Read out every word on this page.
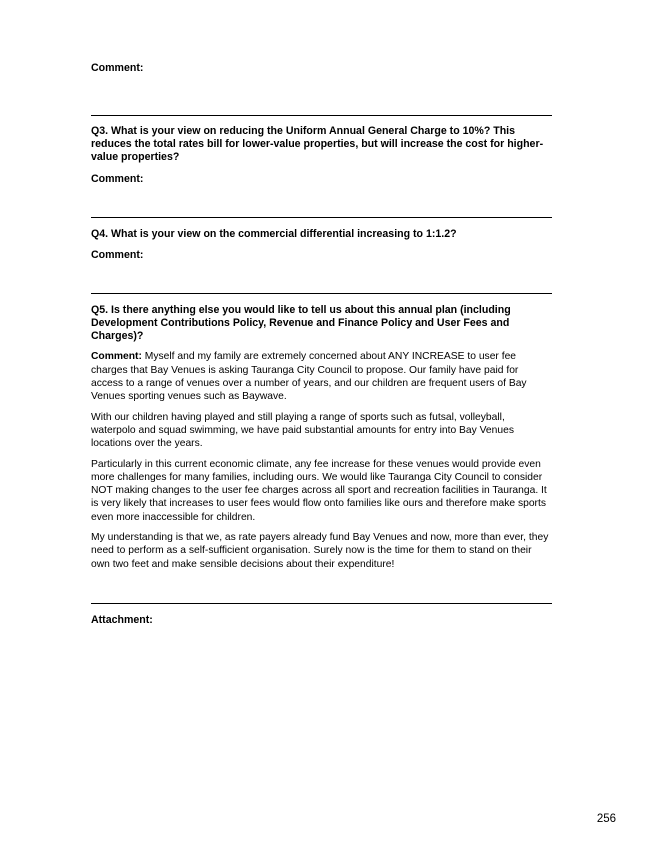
Comment:

Q3. What is your view on reducing the Uniform Annual General Charge to 10%? This reduces the total rates bill for lower-value properties, but will increase the cost for higher-value properties?

Comment:

Q4. What is your view on the commercial differential increasing to 1:1.2?

Comment:

Q5. Is there anything else you would like to tell us about this annual plan (including Development Contributions Policy, Revenue and Finance Policy and User Fees and Charges)?

Comment: Myself and my family are extremely concerned about ANY INCREASE to user fee charges that Bay Venues is asking Tauranga City Council to propose. Our family have paid for access to a range of venues over a number of years, and our children are frequent users of Bay Venues sporting venues such as Baywave.

With our children having played and still playing a range of sports such as futsal, volleyball, waterpolo and squad swimming, we have paid substantial amounts for entry into Bay Venues locations over the years.

Particularly in this current economic climate, any fee increase for these venues would provide even more challenges for many families, including ours. We would like Tauranga City Council to consider NOT making changes to the user fee charges across all sport and recreation facilities in Tauranga. It is very likely that increases to user fees would flow onto families like ours and therefore make sports even more inaccessible for children.

My understanding is that we, as rate payers already fund Bay Venues and now, more than ever, they need to perform as a self-sufficient organisation. Surely now is the time for them to stand on their own two feet and make sensible decisions about their expenditure!

Attachment:

256
